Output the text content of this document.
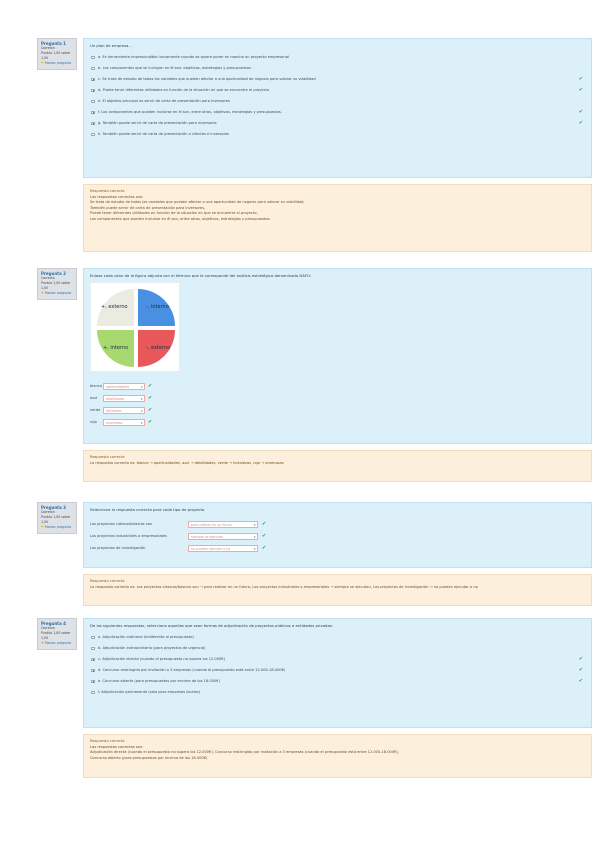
Pregunta 1
Correcta
Puntúa 1,00 sobre 1,00
⚑Marcar pregunta
Un plan de empresa...
a. Es herramienta imprescindible únicamente cuando se quiere poner en marcha un proyecto empresarial
b. Los componentes que se incluyen en él son: objetivos, estrategias y presupuestos.
c. Se trata de estudio de todas las variables que pueden afectar a una oportunidad de negocio para valorar su viabilidad	✔
d. Puede tener diferentes utilidades en función de la situación en que se encuentre el proyecto	✔
e. El objetivo principal es servir de carta de presentación para inversores
f. Los componentes que pueden incluirse en él son, entre otros, objetivos, estrategias y presupuestos.	✔
g. También puede servir de carta de presentación para inversores	✔
h. También puede servir de carta de presentación a clientes e inversores
Respuesta correcta
Las respuestas correctas son:
Se trata de estudio de todas las variables que pueden afectar a una oportunidad de negocio para valorar su viabilidad,
También puede servir de carta de presentación para inversores,
Puede tener diferentes utilidades en función de la situación en que se encuentre el proyecto,
Los componentes que pueden incluirse en él son, entre otros, objetivos, estrategias y presupuestos.
Pregunta 2
Correcta
Puntúa 1,00 sobre 1,00
⚑Marcar pregunta
Enlaza cada color de la figura adjunta con el término que le corresponde del análisis estratégico denominado DAFO:
+, externo	-, interno
+, interno	-, externo
blanco	oportunidades	▾ ✔
azul	debilidades	▾ ✔
verde	fortalezas	▾ ✔
rojo	amenazas	▾ ✔
Respuesta correcta
La respuesta correcta es: blanco → oportunidades, azul → debilidades, verde → fortalezas, rojo → amenazas
Pregunta 3
Correcta
Puntúa 1,00 sobre 1,00
⚑Marcar pregunta
Selecciona la respuesta correcta para cada tipo de proyecto
Los proyectos clásicos/básicos son	para realizar en un futuro	▾ ✔
Los proyectos industriales o empresariales	siempre se ejecutan	▾ ✔
Los proyectos de investigación	no pueden ejecutar o no	▾ ✔
Respuesta correcta
La respuesta correcta es: Los proyectos clásicos/básicos son → para realizar en un futuro, Los proyectos industriales o empresariales → siempre se ejecutan, Los proyectos de investigación → no pueden ejecutar o no
Pregunta 4
Correcta
Puntúa 1,00 sobre 1,00
⚑Marcar pregunta
De las siguientes respuestas, selecciona aquellas que sean formas de adjudicación de proyectos públicos a entidades privadas:
a. Adjudicación ordinaria (indiferente al presupuesto)
b. Adjudicación extraordinaria (para proyectos de urgencia)
c. Adjudicación directa (cuando el presupuesto no supera los 12.000€)	✔
d. Concurso restringido por invitación a 3 empresas (cuando el presupuesto está entre 12.000-18.000€)	✔
e. Concurso abierto (para presupuestos por encima de los 18.000€)	✔
f. Adjudicación permanente (solo para empresas locales)
Respuesta correcta
Las respuestas correctas son:
Adjudicación directa (cuando el presupuesto no supera los 12.000€), Concurso restringido por invitación a 3 empresas (cuando el presupuesto está entre 12.000-18.000€),
Concurso abierto (para presupuestos por encima de los 18.000€)
